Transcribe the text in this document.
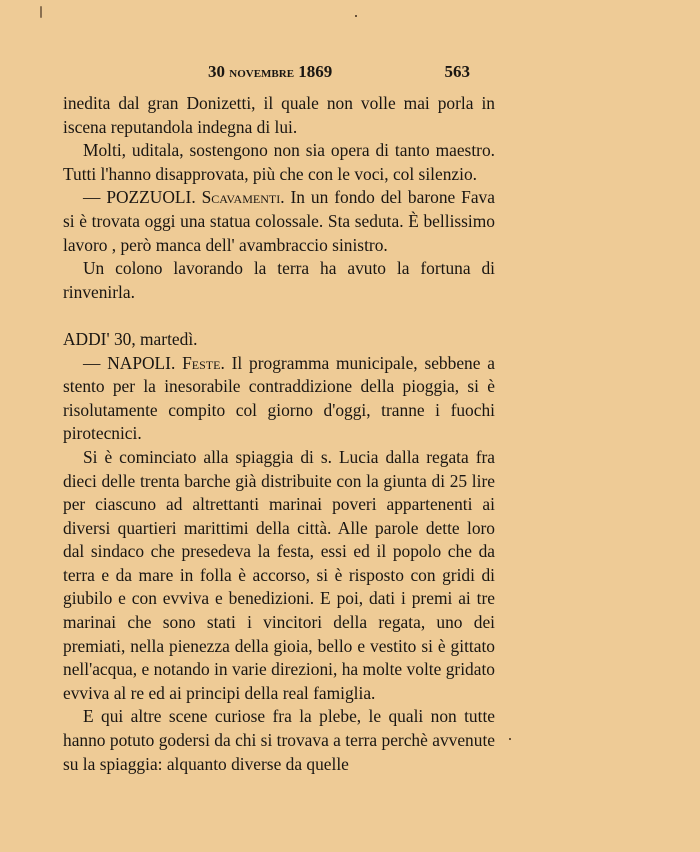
30 novembre 1869	563

inedita dal gran Donizetti, il quale non volle mai porla in iscena reputandola indegna di lui.

Molti, uditala, sostengono non sia opera di tanto maestro. Tutti l'hanno disapprovata, più che con le voci, col silenzio.

— POZZUOLI. Scavamenti. In un fondo del barone Fava si è trovata oggi una statua colossale. Sta seduta. È bellissimo lavoro , però manca dell' avambraccio sinistro.

Un colono lavorando la terra ha avuto la fortuna di rinvenirla.

ADDI' 30, martedì.

— NAPOLI. Feste. Il programma municipale, sebbene a stento per la inesorabile contraddizione della pioggia, si è risolutamente compito col giorno d'oggi, tranne i fuochi pirotecnici.

Si è cominciato alla spiaggia di s. Lucia dalla regata fra dieci delle trenta barche già distribuite con la giunta di 25 lire per ciascuno ad altrettanti marinai poveri appartenenti ai diversi quartieri marittimi della città. Alle parole dette loro dal sindaco che presedeva la festa, essi ed il popolo che da terra e da mare in folla è accorso, si è risposto con gridi di giubilo e con evviva e benedizioni. E poi, dati i premi ai tre marinai che sono stati i vincitori della regata, uno dei premiati, nella pienezza della gioia, bello e vestito si è gittato nell'acqua, e notando in varie direzioni, ha molte volte gridato evviva al re ed ai principi della real famiglia.

E qui altre scene curiose fra la plebe, le quali non tutte hanno potuto godersi da chi si trovava a terra perchè avvenute su la spiaggia: alquanto diverse da quelle
